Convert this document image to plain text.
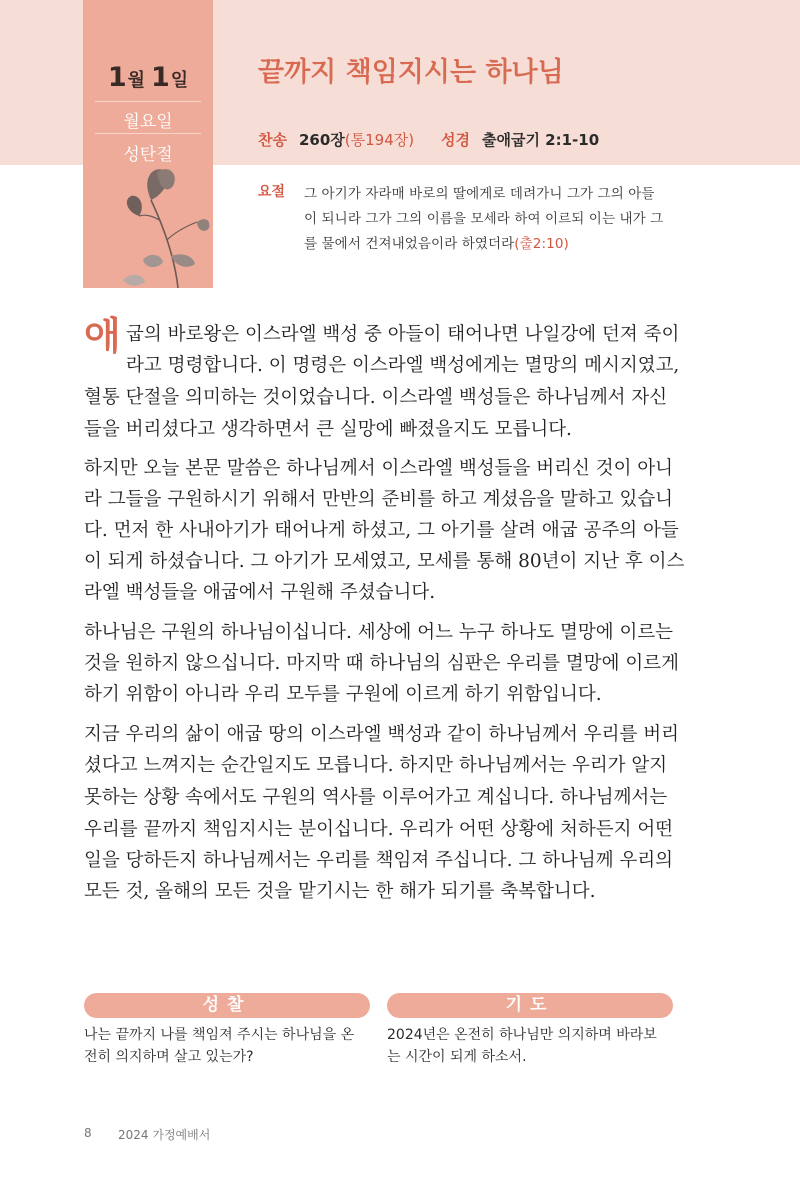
1월 1일
월요일
성탄절
끝까지 책임지시는 하나님
찬송 260장(통194장) 성경 출애굽기 2:1-10
요절 그 아기가 자라매 바로의 딸에게로 데려가니 그가 그의 아들
이 되니라 그가 그의 이름을 모세라 하여 이르되 이는 내가 그
를 물에서 건져내었음이라 하였더라(출2:10)
애 굽의 바로왕은 이스라엘 백성 중 아들이 태어나면 나일강에 던져 죽이
라고 명령합니다. 이 명령은 이스라엘 백성에게는 멸망의 메시지였고,
혈통 단절을 의미하는 것이었습니다. 이스라엘 백성들은 하나님께서 자신
들을 버리셨다고 생각하면서 큰 실망에 빠졌을지도 모릅니다.
하지만 오늘 본문 말씀은 하나님께서 이스라엘 백성들을 버리신 것이 아니
라 그들을 구원하시기 위해서 만반의 준비를 하고 계셨음을 말하고 있습니
다. 먼저 한 사내아기가 태어나게 하셨고, 그 아기를 살려 애굽 공주의 아들
이 되게 하셨습니다. 그 아기가 모세였고, 모세를 통해 80년이 지난 후 이스
라엘 백성들을 애굽에서 구원해 주셨습니다.
하나님은 구원의 하나님이십니다. 세상에 어느 누구 하나도 멸망에 이르는
것을 원하지 않으십니다. 마지막 때 하나님의 심판은 우리를 멸망에 이르게
하기 위함이 아니라 우리 모두를 구원에 이르게 하기 위함입니다.
지금 우리의 삶이 애굽 땅의 이스라엘 백성과 같이 하나님께서 우리를 버리
셨다고 느껴지는 순간일지도 모릅니다. 하지만 하나님께서는 우리가 알지
못하는 상황 속에서도 구원의 역사를 이루어가고 계십니다. 하나님께서는
우리를 끝까지 책임지시는 분이십니다. 우리가 어떤 상황에 처하든지 어떤
일을 당하든지 하나님께서는 우리를 책임져 주십니다. 그 하나님께 우리의
모든 것, 올해의 모든 것을 맡기시는 한 해가 되기를 축복합니다.
성찰	기도
나는 끝까지 나를 책임져 주시는 하나님을 온
전히 의지하며 살고 있는가?
2024년은 온전히 하나님만 의지하며 바라보
는 시간이 되게 하소서.
8 2024 가정예배서
